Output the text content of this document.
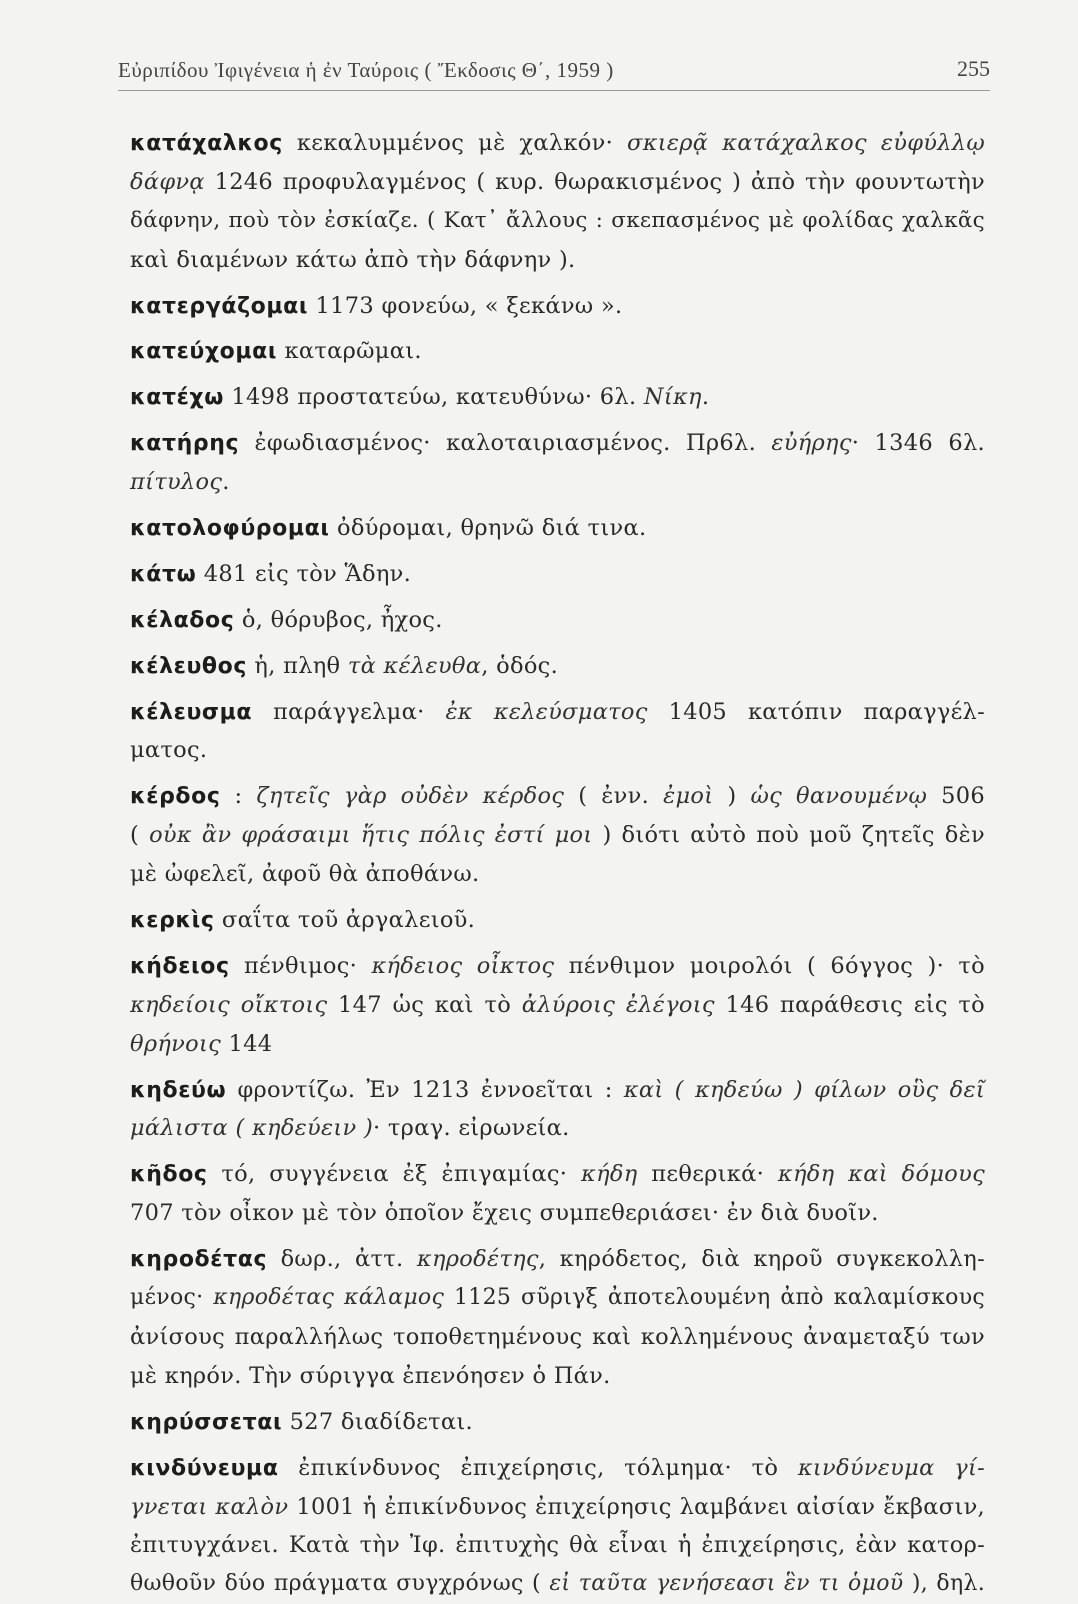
Εὐριπίδου Ἰφιγένεια ἡ ἐν Ταύροις ( Ἔκδοσις Θ΄, 1959 )	255
κατάχαλκος κεκαλυμμένος μὲ χαλκόν· σκιερᾷ κατάχαλκος εὐφύλλῳ
δάφνᾳ 1246 προφυλαγμένος ( κυρ. θωρακισμένος ) ἀπὸ τὴν φουντωτὴν
δάφνην, ποὺ τὸν ἐσκίαζε. ( Κατ᾿ ἄλλους : σκεπασμένος μὲ φολίδας χαλκᾶς
καὶ διαμένων κάτω ἀπὸ τὴν δάφνην ).
κατεργάζομαι 1173 φονεύω, « ξεκάνω ».
κατεύχομαι καταρῶμαι.
κατέχω 1498 προστατεύω, κατευθύνω· 6λ. Νίκη.
κατήρης ἐφωδιασμένος· καλοταιριασμένος. Πρ6λ. εὐήρης· 1346 6λ.
πίτυλος.
κατολοφύρομαι ὀδύρομαι, θρηνῶ διά τινα.
κάτω 481 εἰς τὸν Ἅδην.
κέλαδος ὁ, θόρυβος, ἦχος.
κέλευθος ἡ, πληθ τὰ κέλευθα, ὁδός.
κέλευσμα παράγγελμα· ἐκ κελεύσματος 1405 κατόπιν παραγγέλ-
ματος.
κέρδος : ζητεῖς γὰρ οὐδὲν κέρδος ( ἐνν. ἐμοὶ ) ὡς θανουμένῳ 506
( οὐκ ἂν φράσαιμι ἥτις πόλις ἐστί μοι ) διότι αὐτὸ ποὺ μοῦ ζητεῖς δὲν
μὲ ὠφελεῖ, ἀφοῦ θὰ ἀποθάνω.
κερκὶς σαΐτα τοῦ ἀργαλειοῦ.
κήδειος πένθιμος· κήδειος οἶκτος πένθιμον μοιρολόι ( 6όγγος )· τὸ
κηδείοις οἴκτοις 147 ὡς καὶ τὸ ἀλύροις ἐλέγοις 146 παράθεσις εἰς τὸ
θρήνοις 144
κηδεύω φροντίζω. Ἐν 1213 ἐννοεῖται : καὶ ( κηδεύω ) φίλων οὓς δεῖ
μάλιστα ( κηδεύειν )· τραγ. εἰρωνεία.
κῆδος τό, συγγένεια ἐξ ἐπιγαμίας· κήδη πεθερικά· κήδη καὶ δόμους
707 τὸν οἶκον μὲ τὸν ὁποῖον ἔχεις συμπεθεριάσει· ἐν διὰ δυοῖν.
κηροδέτας δωρ., ἀττ. κηροδέτης, κηρόδετος, διὰ κηροῦ συγκεκολλη-
μένος· κηροδέτας κάλαμος 1125 σῦριγξ ἀποτελουμένη ἀπὸ καλαμίσκους
ἀνίσους παραλλήλως τοποθετημένους καὶ κολλημένους ἀναμεταξύ των
μὲ κηρόν. Τὴν σύριγγα ἐπενόησεν ὁ Πάν.
κηρύσσεται 527 διαδίδεται.
κινδύνευμα ἐπικίνδυνος ἐπιχείρησις, τόλμημα· τὸ κινδύνευμα γί-
γνεται καλὸν 1001 ἡ ἐπικίνδυνος ἐπιχείρησις λαμβάνει αἰσίαν ἔκβασιν,
ἐπιτυγχάνει. Κατὰ τὴν Ἰφ. ἐπιτυχὴς θὰ εἶναι ἡ ἐπιχείρησις, ἐὰν κατορ-
θωθοῦν δύο πράγματα συγχρόνως ( εἰ ταῦτα γενήσεασι ἓν τι ὁμοῦ ), δηλ.
